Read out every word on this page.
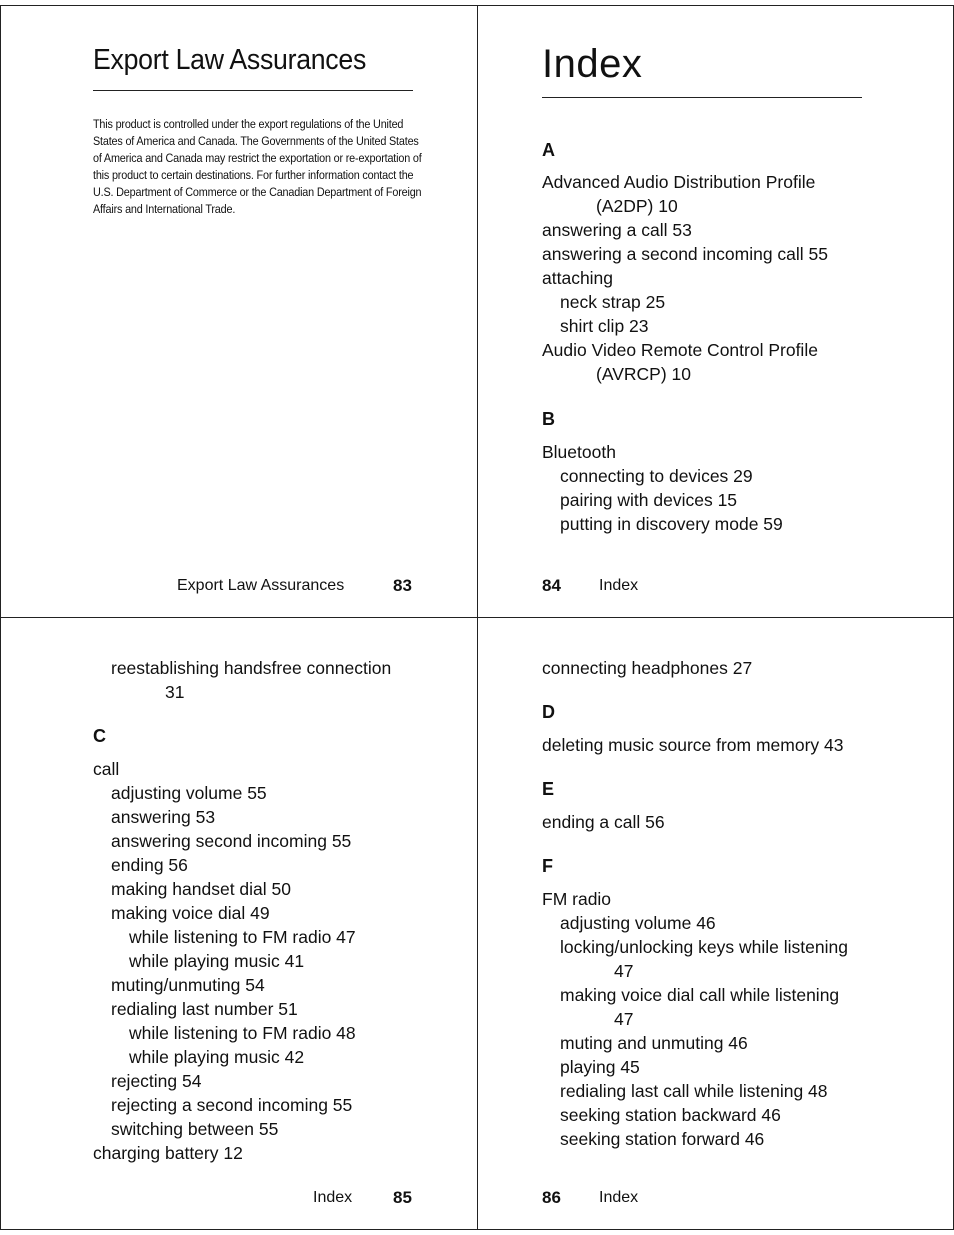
Export Law Assurances

This product is controlled under the export regulations of the United States of America and Canada. The Governments of the United States of America and Canada may restrict the exportation or re-exportation of this product to certain destinations. For further information contact the U.S. Department of Commerce or the Canadian Department of Foreign Affairs and International Trade.

Export Law Assurances	83
Index
A
Advanced Audio Distribution Profile
(A2DP) 10
answering a call 53
answering a second incoming call 55
attaching
neck strap 25
shirt clip 23
Audio Video Remote Control Profile
(AVRCP) 10
B
Bluetooth
connecting to devices 29
pairing with devices 15
putting in discovery mode 59
84 Index
reestablishing handsfree connection
31
C
call
adjusting volume 55
answering 53
answering second incoming 55
ending 56
making handset dial 50
making voice dial 49
while listening to FM radio 47
while playing music 41
muting/unmuting 54
redialing last number 51
while listening to FM radio 48
while playing music 42
rejecting 54
rejecting a second incoming 55
switching between 55
charging battery 12
Index 85
connecting headphones 27
D
deleting music source from memory 43
E
ending a call 56
F
FM radio
adjusting volume 46
locking/unlocking keys while listening
47
making voice dial call while listening
47
muting and unmuting 46
playing 45
redialing last call while listening 48
seeking station backward 46
seeking station forward 46
86 Index
